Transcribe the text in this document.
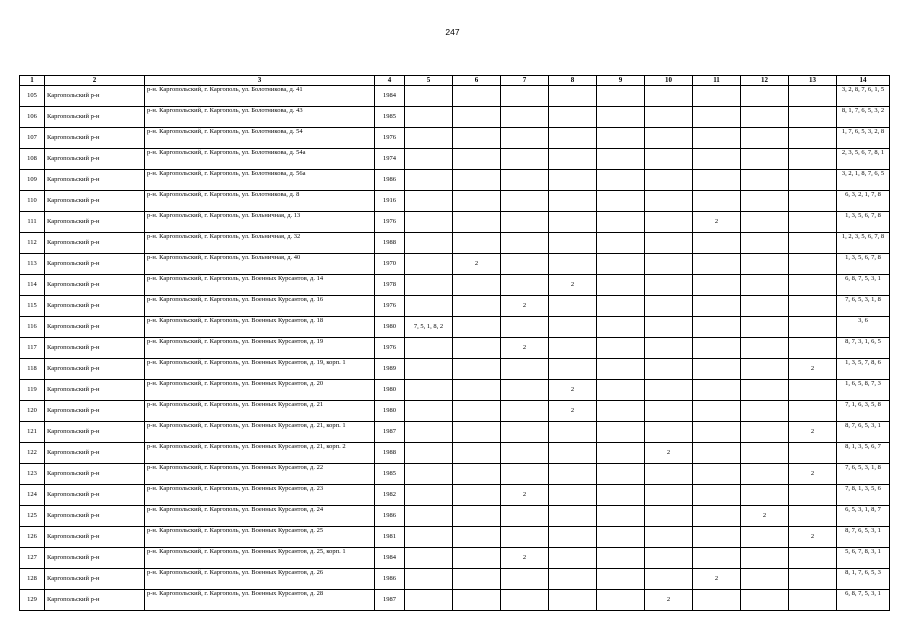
247
1	2	3	4	5	6	7	8	9	10	11	12	13	14
105	Каргопольский р-н	р-н. Каргопольский, г. Каргополь, ул. Болотникова, д. 41	1984										3, 2, 8, 7, 6, 1, 5
106	Каргопольский р-н	р-н. Каргопольский, г. Каргополь, ул. Болотникова, д. 43	1985										8, 1, 7, 6, 5, 3, 2
107	Каргопольский р-н	р-н. Каргопольский, г. Каргополь, ул. Болотникова, д. 54	1976										1, 7, 6, 5, 3, 2, 8
108	Каргопольский р-н	р-н. Каргопольский, г. Каргополь, ул. Болотникова, д. 54а	1974										2, 3, 5, 6, 7, 8, 1
109	Каргопольский р-н	р-н. Каргопольский, г. Каргополь, ул. Болотникова, д. 56а	1986										3, 2, 1, 8, 7, 6, 5
110	Каргопольский р-н	р-н. Каргопольский, г. Каргополь, ул. Болотникова, д. 8	1916										6, 3, 2, 1, 7, 8
111	Каргопольский р-н	р-н. Каргопольский, г. Каргополь, ул. Больничная, д. 13	1976							2			1, 3, 5, 6, 7, 8
112	Каргопольский р-н	р-н. Каргопольский, г. Каргополь, ул. Больничная, д. 32	1988										1, 2, 3, 5, 6, 7, 8
113	Каргопольский р-н	р-н. Каргопольский, г. Каргополь, ул. Больничная, д. 40	1970		2								1, 3, 5, 6, 7, 8
114	Каргопольский р-н	р-н. Каргопольский, г. Каргополь, ул. Военных Курсантов, д. 14	1978				2						6, 8, 7, 5, 3, 1
115	Каргопольский р-н	р-н. Каргопольский, г. Каргополь, ул. Военных Курсантов, д. 16	1976			2							7, 6, 5, 3, 1, 8
116	Каргопольский р-н	р-н. Каргопольский, г. Каргополь, ул. Военных Курсантов, д. 18	1980	7, 5, 1, 8, 2									3, 6
117	Каргопольский р-н	р-н. Каргопольский, г. Каргополь, ул. Военных Курсантов, д. 19	1976			2							8, 7, 3, 1, 6, 5
118	Каргопольский р-н	р-н. Каргопольский, г. Каргополь, ул. Военных Курсантов, д. 19, корп. 1	1989									2	1, 3, 5, 7, 8, 6
119	Каргопольский р-н	р-н. Каргопольский, г. Каргополь, ул. Военных Курсантов, д. 20	1980				2						1, 6, 5, 8, 7, 3
120	Каргопольский р-н	р-н. Каргопольский, г. Каргополь, ул. Военных Курсантов, д. 21	1980				2						7, 1, 6, 3, 5, 8
121	Каргопольский р-н	р-н. Каргопольский, г. Каргополь, ул. Военных Курсантов, д. 21, корп. 1	1987									2	8, 7, 6, 5, 3, 1
122	Каргопольский р-н	р-н. Каргопольский, г. Каргополь, ул. Военных Курсантов, д. 21, корп. 2	1988						2				8, 1, 3, 5, 6, 7
123	Каргопольский р-н	р-н. Каргопольский, г. Каргополь, ул. Военных Курсантов, д. 22	1985									2	7, 6, 5, 3, 1, 8
124	Каргопольский р-н	р-н. Каргопольский, г. Каргополь, ул. Военных Курсантов, д. 23	1982			2							7, 8, 1, 3, 5, 6
125	Каргопольский р-н	р-н. Каргопольский, г. Каргополь, ул. Военных Курсантов, д. 24	1986								2		6, 5, 3, 1, 8, 7
126	Каргопольский р-н	р-н. Каргопольский, г. Каргополь, ул. Военных Курсантов, д. 25	1981									2	8, 7, 6, 5, 3, 1
127	Каргопольский р-н	р-н. Каргопольский, г. Каргополь, ул. Военных Курсантов, д. 25, корп. 1	1984			2							5, 6, 7, 8, 3, 1
128	Каргопольский р-н	р-н. Каргопольский, г. Каргополь, ул. Военных Курсантов, д. 26	1986							2			8, 1, 7, 6, 5, 3
129	Каргопольский р-н	р-н. Каргопольский, г. Каргополь, ул. Военных Курсантов, д. 28	1987						2				6, 8, 7, 5, 3, 1
